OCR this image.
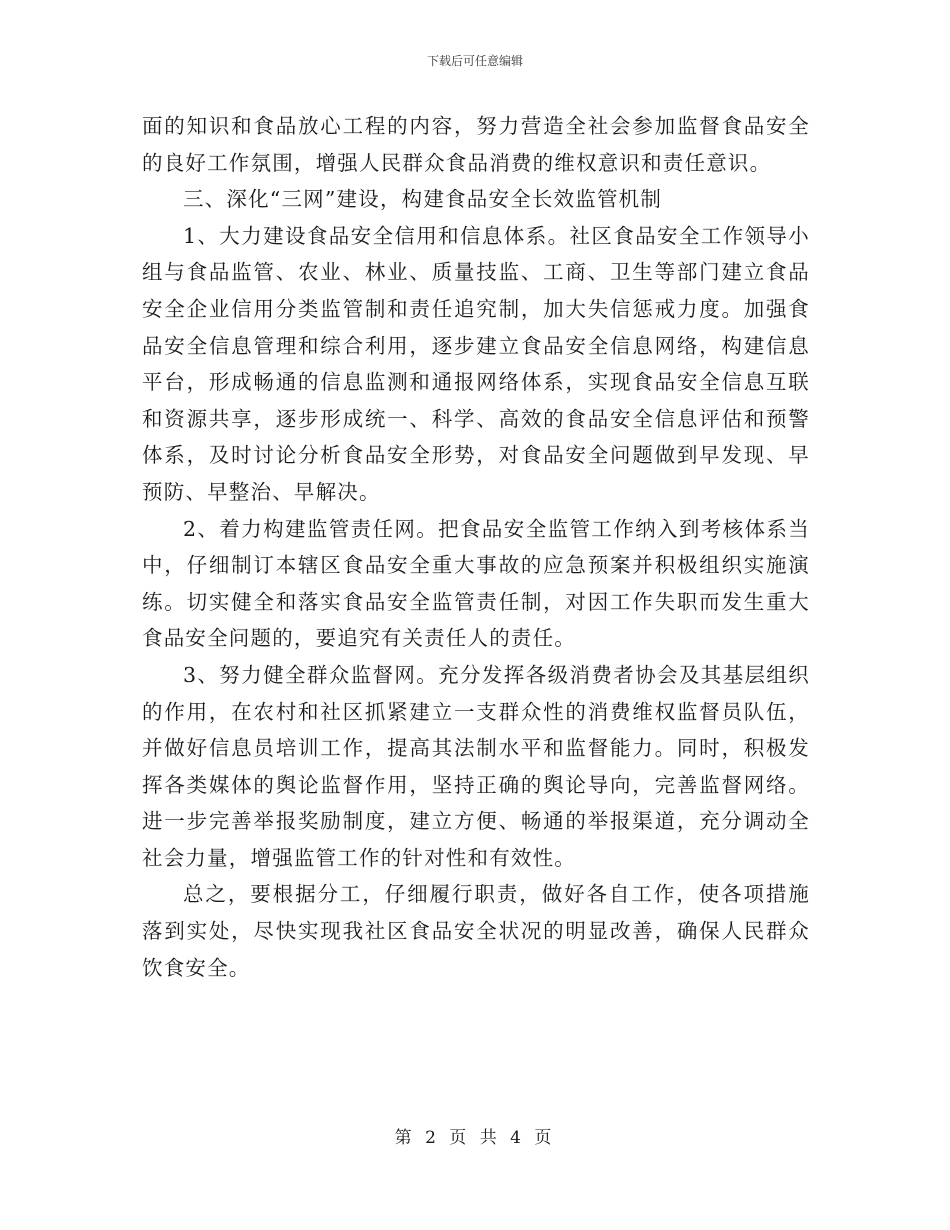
下载后可任意编辑

面的知识和食品放心工程的内容，努力营造全社会参加监督食品安全的良好工作氛围，增强人民群众食品消费的维权意识和责任意识。

三、深化“三网”建设，构建食品安全长效监管机制

1、大力建设食品安全信用和信息体系。社区食品安全工作领导小组与食品监管、农业、林业、质量技监、工商、卫生等部门建立食品安全企业信用分类监管制和责任追究制，加大失信惩戒力度。加强食品安全信息管理和综合利用，逐步建立食品安全信息网络，构建信息平台，形成畅通的信息监测和通报网络体系，实现食品安全信息互联和资源共享，逐步形成统一、科学、高效的食品安全信息评估和预警体系，及时讨论分析食品安全形势，对食品安全问题做到早发现、早预防、早整治、早解决。

2、着力构建监管责任网。把食品安全监管工作纳入到考核体系当中，仔细制订本辖区食品安全重大事故的应急预案并积极组织实施演练。切实健全和落实食品安全监管责任制，对因工作失职而发生重大食品安全问题的，要追究有关责任人的责任。

3、努力健全群众监督网。充分发挥各级消费者协会及其基层组织的作用，在农村和社区抓紧建立一支群众性的消费维权监督员队伍，并做好信息员培训工作，提高其法制水平和监督能力。同时，积极发挥各类媒体的舆论监督作用，坚持正确的舆论导向，完善监督网络。进一步完善举报奖励制度，建立方便、畅通的举报渠道，充分调动全社会力量，增强监管工作的针对性和有效性。

总之，要根据分工，仔细履行职责，做好各自工作，使各项措施落到实处，尽快实现我社区食品安全状况的明显改善，确保人民群众饮食安全。

第 2 页 共 4 页
